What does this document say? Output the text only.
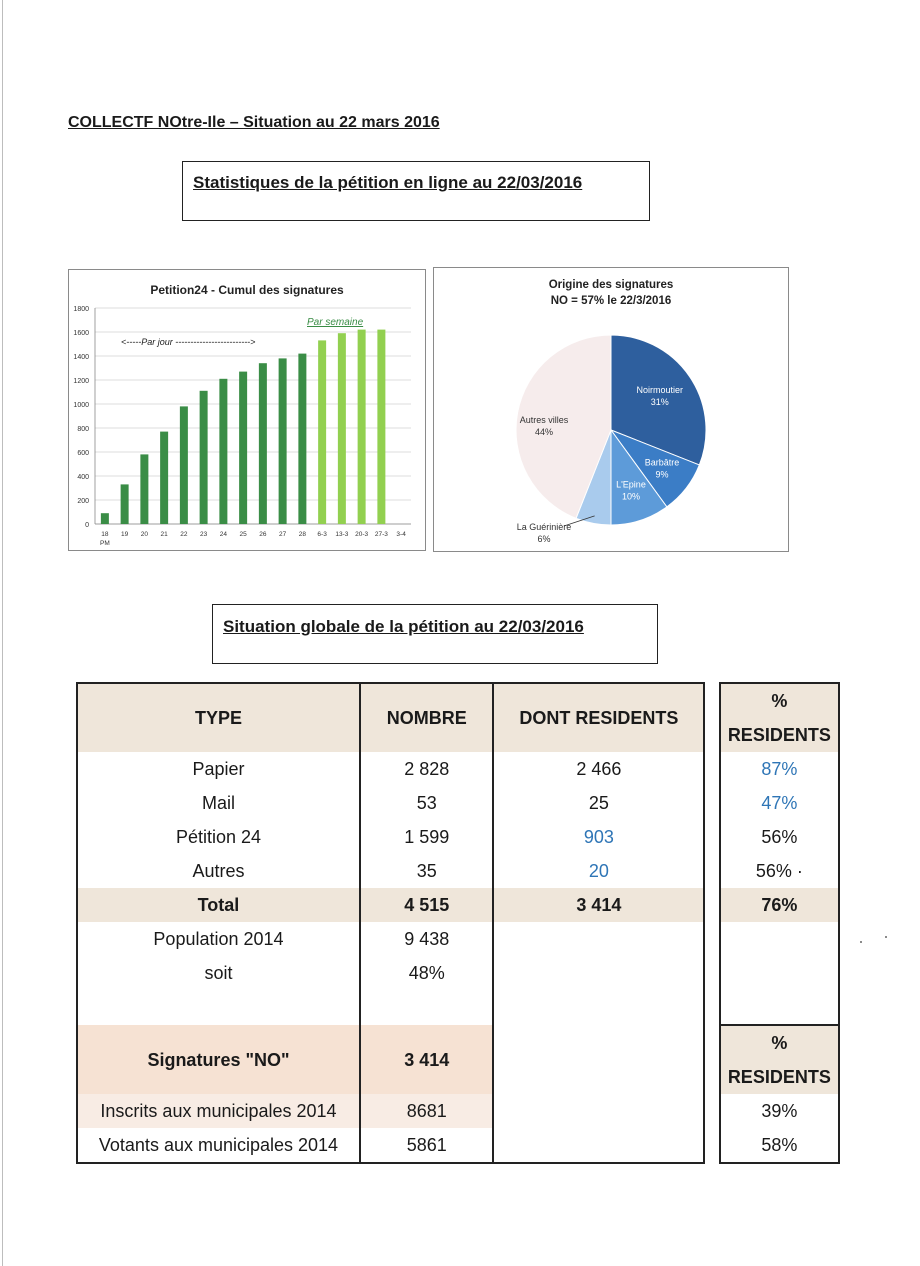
COLLECTF NOtre-Ile – Situation au 22 mars 2016
Statistiques de la pétition en ligne au 22/03/2016
Petition24 - Cumul des signatures
1800
1600
1400
1200
1000
800
600
400
200
0
18 19 20 21 22 23 24 25 26 27 28 6-3 13-3 20-3 27-3 3-4
PM
<-----Par jour ------------------------->
Par semaine
Origine des signatures
NO = 57% le 22/3/2016
Noirmoutier
31%
Barbâtre
9%
L'Epine
10%
La Guérinière
6%
Autres villes
44%
Situation globale de la pétition au 22/03/2016
TYPE	NOMBRE	DONT RESIDENTS		% RESIDENTS
Papier	2 828	2 466		87%
Mail	53	25		47%
Pétition 24	1 599	903		56%
Autres	35	20		56% ·
Total	4 515	3 414		76%
Population 2014	9 438			
soit	48%			

Signatures "NO"	3 414			% RESIDENTS
Inscrits aux municipales 2014	8681			39%
Votants aux municipales 2014	5861			58%
